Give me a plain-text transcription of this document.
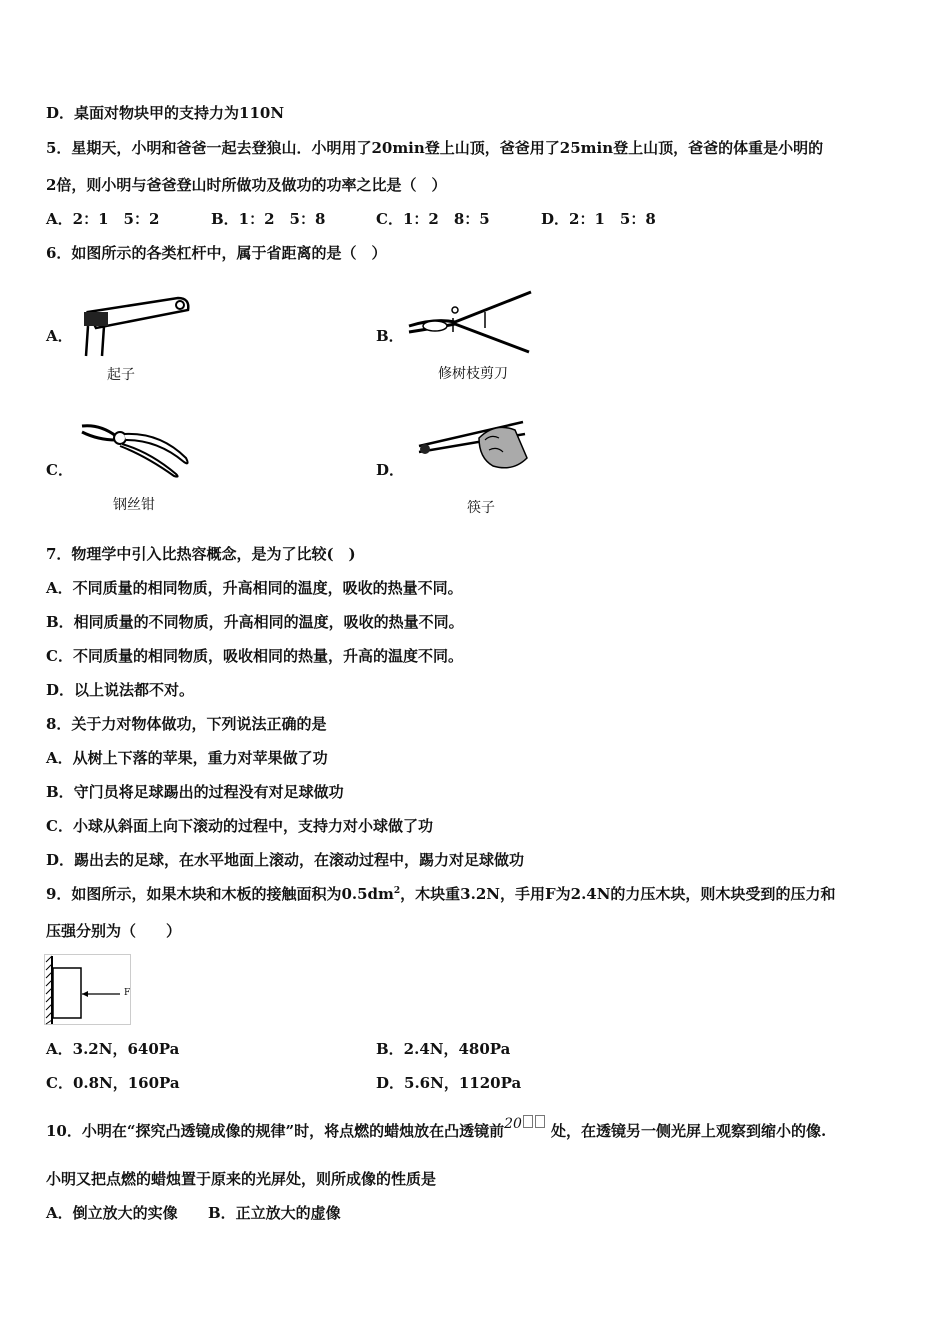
D．桌面对物块甲的支持力为110N
5．星期天，小明和爸爸一起去登狼山．小明用了20min登上山顶，爸爸用了25min登上山顶，爸爸的体重是小明的
2倍，则小明与爸爸登山时所做功及做功的功率之比是（　）
A．2：1　5：2	B．1：2　5：8	C．1：2　8：5	D．2：1　5：8
6．如图所示的各类杠杆中，属于省距离的是（　）
A．
起子
B．
修树枝剪刀
C．
钢丝钳
D．
筷子
7．物理学中引入比热容概念，是为了比较(　)
A．不同质量的相同物质，升高相同的温度，吸收的热量不同。
B．相同质量的不同物质，升高相同的温度，吸收的热量不同。
C．不同质量的相同物质，吸收相同的热量，升高的温度不同。
D．以上说法都不对。
8．关于力对物体做功，下列说法正确的是
A．从树上下落的苹果，重力对苹果做了功
B．守门员将足球踢出的过程没有对足球做功
C．小球从斜面上向下滚动的过程中，支持力对小球做了功
D．踢出去的足球，在水平地面上滚动，在滚动过程中，踢力对足球做功
9．如图所示，如果木块和木板的接触面积为$0.5dm^2$，木块重3.2N，手用F为2.4N的力压木块，则木块受到的压力和
压强分别为（　　）
F
A．3.2N，640Pa	B．2.4N，480Pa
C．0.8N，160Pa	D．5.6N，1120Pa
10．小明在“探究凸透镜成像的规律”时，将点燃的蜡烛放在凸透镜前20 处，在透镜另一侧光屏上观察到缩小的像.
小明又把点燃的蜡烛置于原来的光屏处，则所成像的性质是
A．倒立放大的实像 B．正立放大的虚像
